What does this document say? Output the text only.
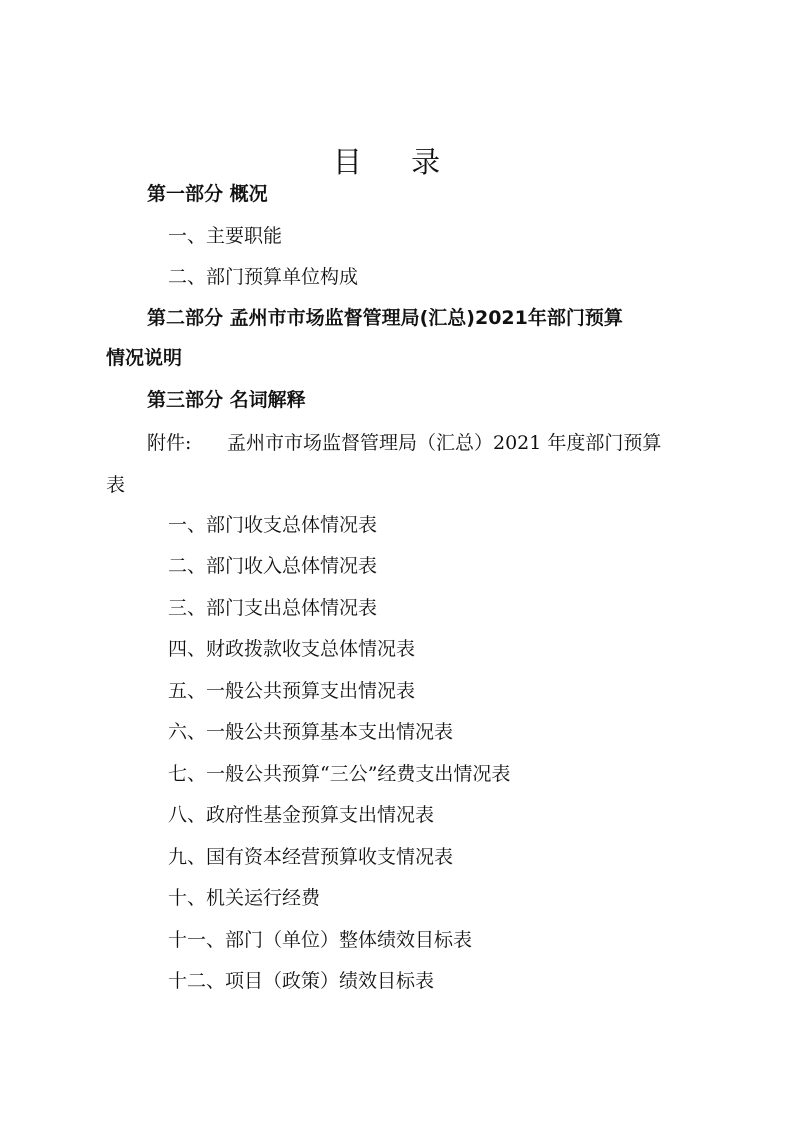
目 录
第一部分 概况
一、主要职能
二、部门预算单位构成
第二部分 孟州市市场监督管理局(汇总)2021年部门预算
情况说明
第三部分 名词解释
附件: 孟州市市场监督管理局（汇总）2021 年度部门预算
表
一、部门收支总体情况表
二、部门收入总体情况表
三、部门支出总体情况表
四、财政拨款收支总体情况表
五、一般公共预算支出情况表
六、一般公共预算基本支出情况表
七、一般公共预算“三公”经费支出情况表
八、政府性基金预算支出情况表
九、国有资本经营预算收支情况表
十、机关运行经费
十一、部门（单位）整体绩效目标表
十二、项目（政策）绩效目标表
